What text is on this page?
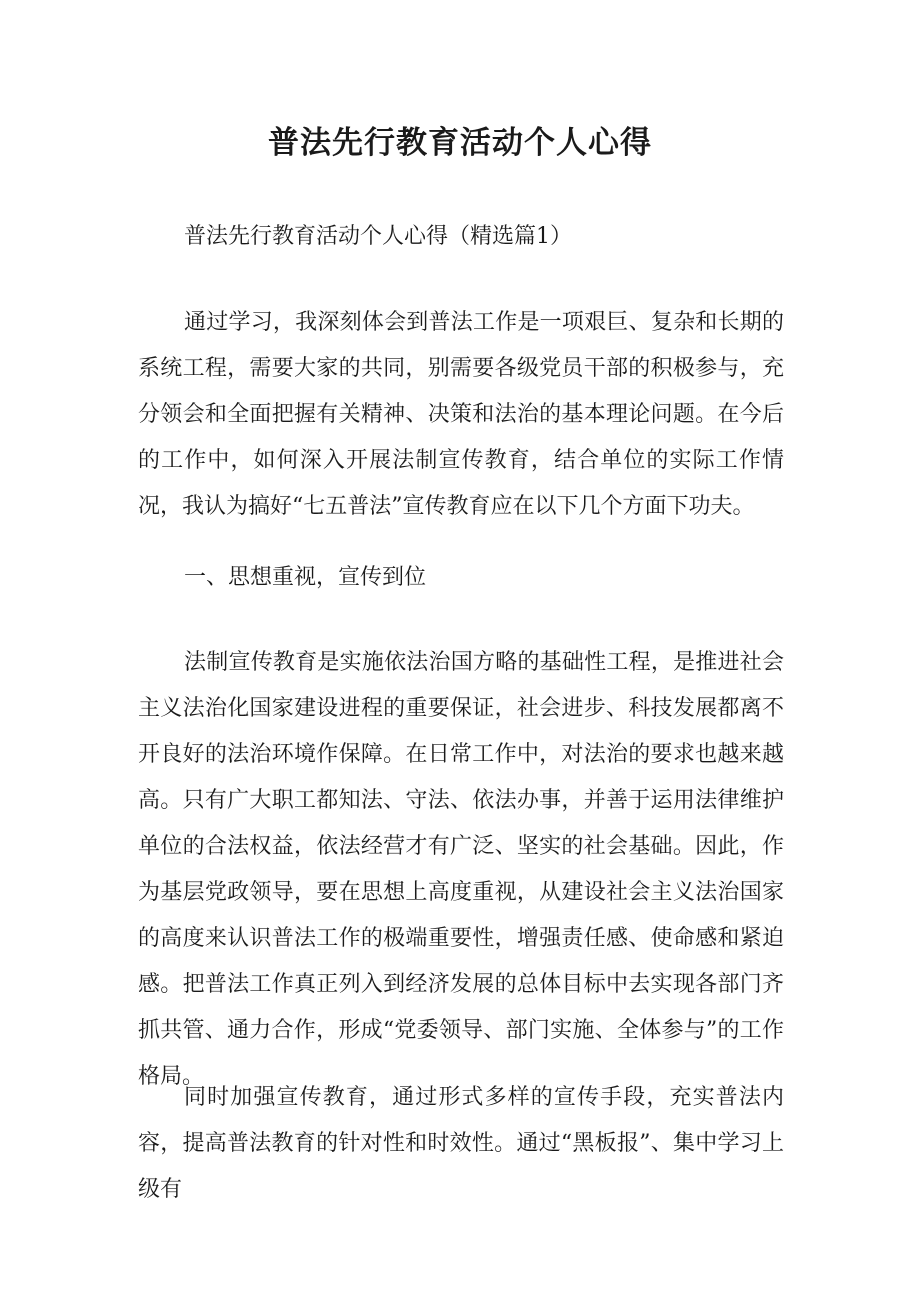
普法先行教育活动个人心得

普法先行教育活动个人心得（精选篇1）

通过学习，我深刻体会到普法工作是一项艰巨、复杂和长期的系统工程，需要大家的共同，别需要各级党员干部的积极参与，充分领会和全面把握有关精神、决策和法治的基本理论问题。在今后的工作中，如何深入开展法制宣传教育，结合单位的实际工作情况，我认为搞好“七五普法”宣传教育应在以下几个方面下功夫。

一、思想重视，宣传到位

法制宣传教育是实施依法治国方略的基础性工程，是推进社会主义法治化国家建设进程的重要保证，社会进步、科技发展都离不开良好的法治环境作保障。在日常工作中，对法治的要求也越来越高。只有广大职工都知法、守法、依法办事，并善于运用法律维护单位的合法权益，依法经营才有广泛、坚实的社会基础。因此，作为基层党政领导，要在思想上高度重视，从建设社会主义法治国家的高度来认识普法工作的极端重要性，增强责任感、使命感和紧迫感。把普法工作真正列入到经济发展的总体目标中去实现各部门齐抓共管、通力合作，形成“党委领导、部门实施、全体参与”的工作格局。

同时加强宣传教育，通过形式多样的宣传手段，充实普法内容，提高普法教育的针对性和时效性。通过“黑板报”、集中学习上级有
